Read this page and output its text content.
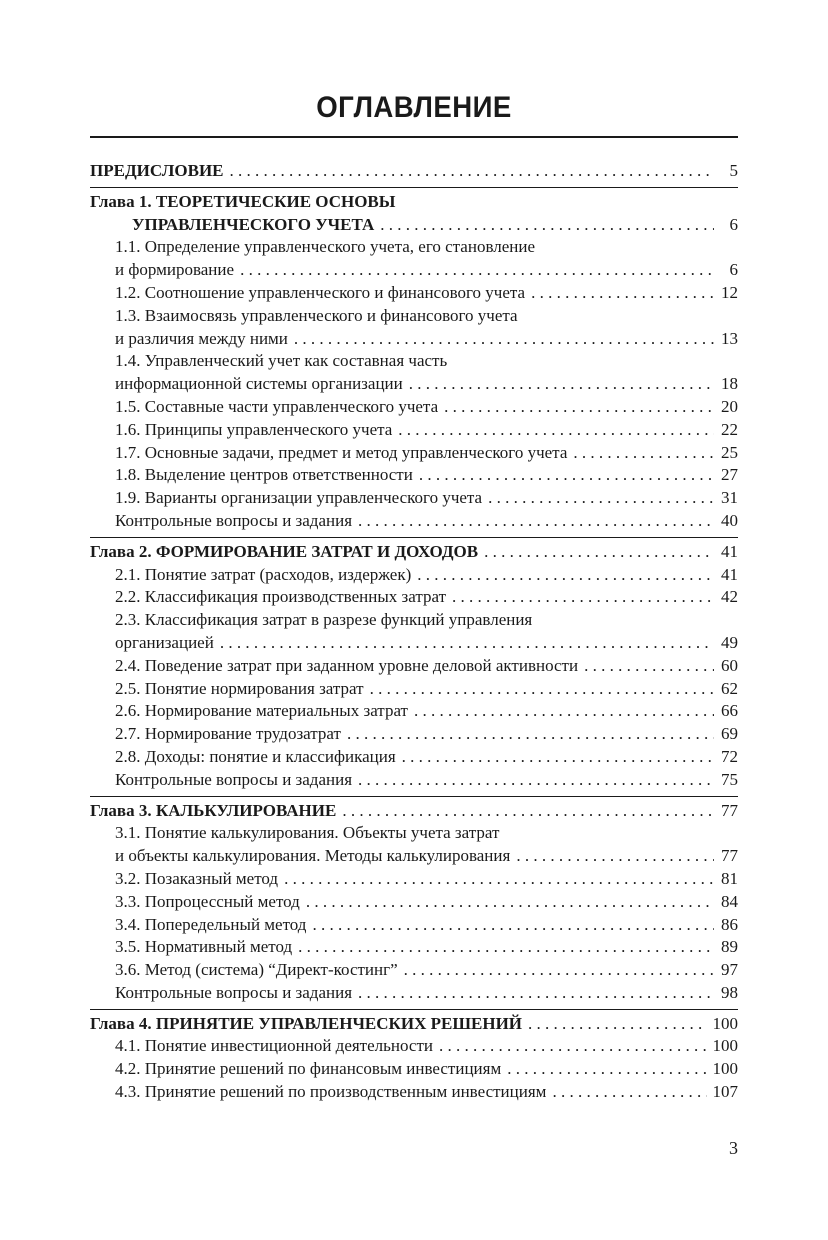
ОГЛАВЛЕНИЕ
ПРЕДИСЛОВИЕ . . .	5
Глава 1. ТЕОРЕТИЧЕСКИЕ ОСНОВЫ
УПРАВЛЕНЧЕСКОГО УЧЕТА . . .	6
1.1. Определение управленческого учета, его становление
и формирование . . .	6
1.2. Соотношение управленческого и финансового учета . . .	12
1.3. Взаимосвязь управленческого и финансового учета
и различия между ними . . .	13
1.4. Управленческий учет как составная часть
информационной системы организации . . .	18
1.5. Составные части управленческого учета . . .	20
1.6. Принципы управленческого учета . . .	22
1.7. Основные задачи, предмет и метод управленческого учета . . .	25
1.8. Выделение центров ответственности . . .	27
1.9. Варианты организации управленческого учета . . .	31
Контрольные вопросы и задания . . .	40
Глава 2. ФОРМИРОВАНИЕ ЗАТРАТ И ДОХОДОВ . . .	41
2.1. Понятие затрат (расходов, издержек) . . .	41
2.2. Классификация производственных затрат . . .	42
2.3. Классификация затрат в разрезе функций управления
организацией . . .	49
2.4. Поведение затрат при заданном уровне деловой активности . . .	60
2.5. Понятие нормирования затрат . . .	62
2.6. Нормирование материальных затрат . . .	66
2.7. Нормирование трудозатрат . . .	69
2.8. Доходы: понятие и классификация . . .	72
Контрольные вопросы и задания . . .	75
Глава 3. КАЛЬКУЛИРОВАНИЕ . . .	77
3.1. Понятие калькулирования. Объекты учета затрат
и объекты калькулирования. Методы калькулирования . . .	77
3.2. Позаказный метод . . .	81
3.3. Попроцессный метод . . .	84
3.4. Попередельный метод . . .	86
3.5. Нормативный метод . . .	89
3.6. Метод (система) “Директ-костинг” . . .	97
Контрольные вопросы и задания . . .	98
Глава 4. ПРИНЯТИЕ УПРАВЛЕНЧЕСКИХ РЕШЕНИЙ . . .	100
4.1. Понятие инвестиционной деятельности . . .	100
4.2. Принятие решений по финансовым инвестициям . . .	100
4.3. Принятие решений по производственным инвестициям . . .	107
3
